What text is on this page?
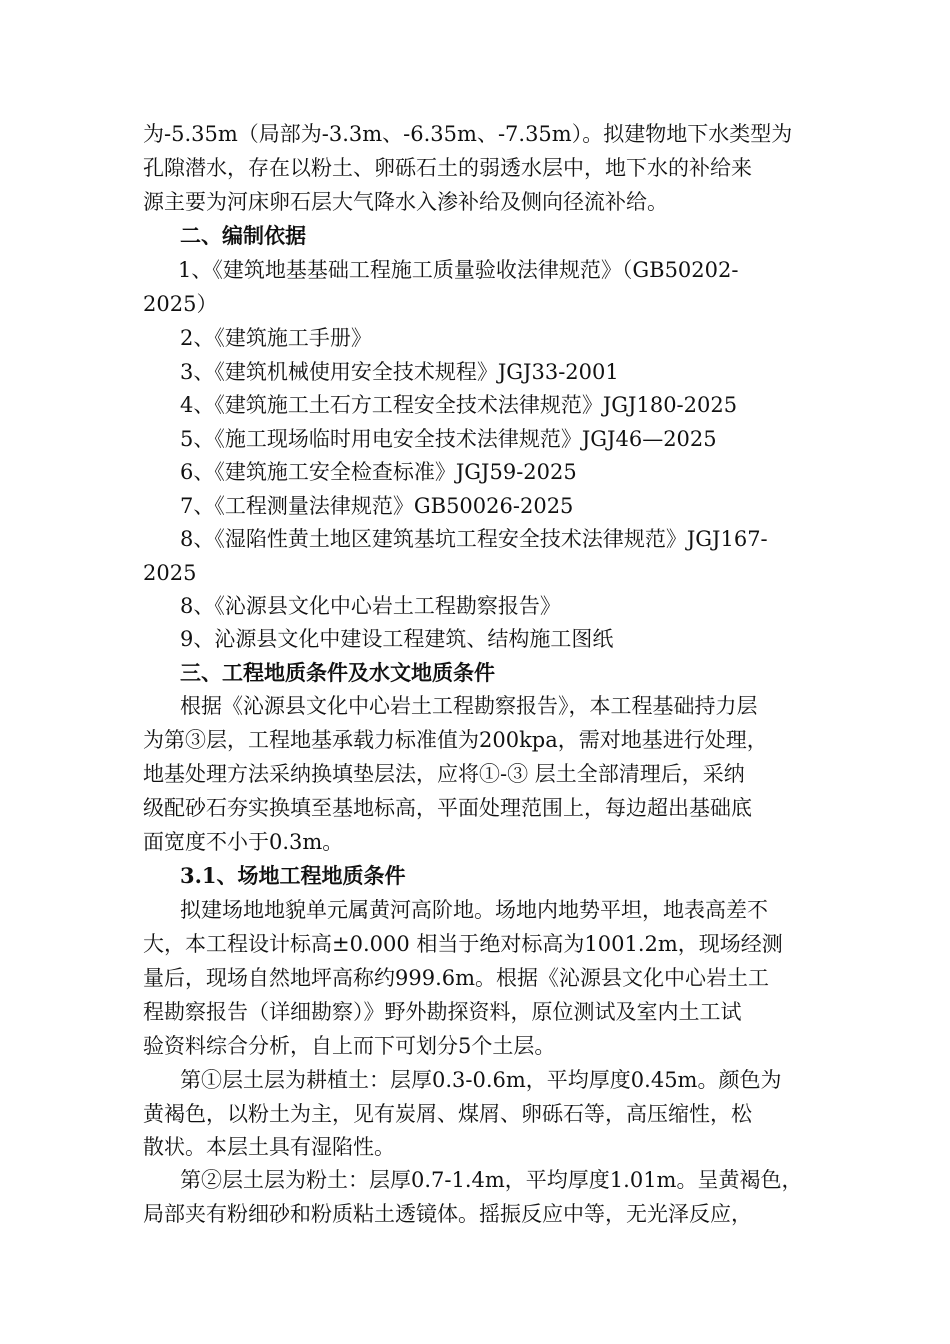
为-5.35m（局部为-3.3m、-6.35m、-7.35m）。拟建物地下水类型为
孔隙潜水，存在以粉土、卵砾石土的弱透水层中，地下水的补给来
源主要为河床卵石层大气降水入渗补给及侧向径流补给。
二、编制依据
1、《建筑地基基础工程施工质量验收法律规范》（GB50202-
2025）
2、《建筑施工手册》
3、《建筑机械使用安全技术规程》JGJ33-2001
4、《建筑施工土石方工程安全技术法律规范》JGJ180-2025
5、《施工现场临时用电安全技术法律规范》JGJ46—2025
6、《建筑施工安全检查标准》JGJ59-2025
7、《工程测量法律规范》GB50026-2025
8、《湿陷性黄土地区建筑基坑工程安全技术法律规范》JGJ167-
2025
8、《沁源县文化中心岩土工程勘察报告》
9、沁源县文化中建设工程建筑、结构施工图纸
三、工程地质条件及水文地质条件
根据《沁源县文化中心岩土工程勘察报告》，本工程基础持力层
为第③层，工程地基承载力标准值为200kpa，需对地基进行处理，
地基处理方法采纳换填垫层法，应将①-③ 层土全部清理后，采纳
级配砂石夯实换填至基地标高，平面处理范围上，每边超出基础底
面宽度不小于0.3m。
3.1、场地工程地质条件
拟建场地地貌单元属黄河高阶地。场地内地势平坦，地表高差不
大，本工程设计标高±0.000 相当于绝对标高为1001.2m，现场经测
量后，现场自然地坪高称约999.6m。根据《沁源县文化中心岩土工
程勘察报告（详细勘察）》野外勘探资料，原位测试及室内土工试
验资料综合分析，自上而下可划分5个土层。
第①层土层为耕植土：层厚0.3-0.6m，平均厚度0.45m。颜色为
黄褐色，以粉土为主，见有炭屑、煤屑、卵砾石等，高压缩性，松
散状。本层土具有湿陷性。
第②层土层为粉土：层厚0.7-1.4m，平均厚度1.01m。呈黄褐色，
局部夹有粉细砂和粉质粘土透镜体。摇振反应中等，无光泽反应，
